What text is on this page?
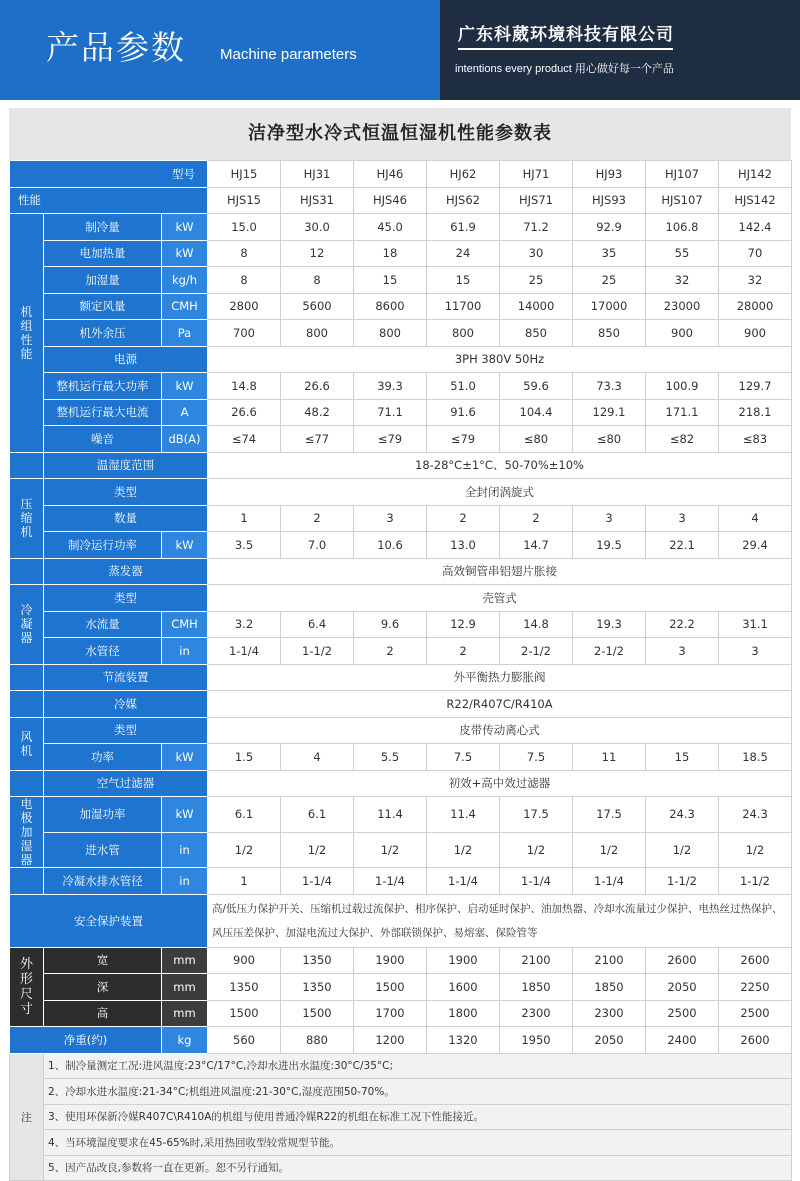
产品参数 Machine parameters
广东科葳环境科技有限公司
intentions every product 用心做好每一个产品
洁净型水冷式恒温恒湿机性能参数表
型号			HJ15	HJ31	HJ46	HJ62	HJ71	HJ93	HJ107	HJ142
性能			HJS15	HJS31	HJS46	HJS62	HJS71	HJS93	HJS107	HJS142
机组性能	制冷量	kW	15.0	30.0	45.0	61.9	71.2	92.9	106.8	142.4
	电加热量	kW	8	12	18	24	30	35	55	70
	加湿量	kg/h	8	8	15	15	25	25	32	32
	额定风量	CMH	2800	5600	8600	11700	14000	17000	23000	28000
	机外余压	Pa	700	800	800	800	850	850	900	900
	电源		3PH 380V 50Hz							
	整机运行最大功率	kW	14.8	26.6	39.3	51.0	59.6	73.3	100.9	129.7
	整机运行最大电流	A	26.6	48.2	71.1	91.6	104.4	129.1	171.1	218.1
	噪音	dB(A)	≤74	≤77	≤79	≤79	≤80	≤80	≤82	≤83
	温湿度范围		18-28°C±1°C、50-70%±10%							
压缩机	类型		全封闭涡旋式							
	数量		1	2	3	2	2	3	3	4
	制冷运行功率	kW	3.5	7.0	10.6	13.0	14.7	19.5	22.1	29.4
	蒸发器		高效铜管串铝翅片胀接							
冷凝器	类型		壳管式							
	水流量	CMH	3.2	6.4	9.6	12.9	14.8	19.3	22.2	31.1
	水管径	in	1-1/4	1-1/2	2	2	2-1/2	2-1/2	3	3
	节流装置		外平衡热力膨胀阀							
	冷媒		R22/R407C/R410A							
风机	类型		皮带传动离心式							
	功率	kW	1.5	4	5.5	7.5	7.5	11	15	18.5
	空气过滤器		初效+高中效过滤器							
电极加湿器	加湿功率	kW	6.1	6.1	11.4	11.4	17.5	17.5	24.3	24.3
	进水管	in	1/2	1/2	1/2	1/2	1/2	1/2	1/2	1/2
	冷凝水排水管径	in	1	1-1/4	1-1/4	1-1/4	1-1/4	1-1/4	1-1/2	1-1/2
安全保护装置			高/低压力保护开关、压缩机过载过流保护、相序保护、启动延时保护、油加热器、冷却水流量过少保护、电热丝过热保护、
风压压差保护、加湿电流过大保护、外部联锁保护、易熔塞、保险管等							

外形尺寸	宽	mm	900	1350	1900	1900	2100	2100	2600	2600
	深	mm	1350	1350	1500	1600	1850	1850	2050	2250
	高	mm	1500	1500	1700	1800	2300	2300	2500	2500
净重(约)		kg	560	880	1200	1320	1950	2050	2400	2600
注	1、制冷量测定工况:进风温度:23°C/17°C,冷却水进出水温度:30°C/35°C;									
	2、冷却水进水温度:21-34°C;机组进风温度:21-30°C,湿度范围50-70%。									
	3、使用环保新冷媒R407C\R410A的机组与使用普通冷媒R22的机组在标准工况下性能接近。									
	4、当环境湿度要求在45-65%时,采用热回收型较常规型节能。									
	5、因产品改良,参数将一直在更新。恕不另行通知。									
